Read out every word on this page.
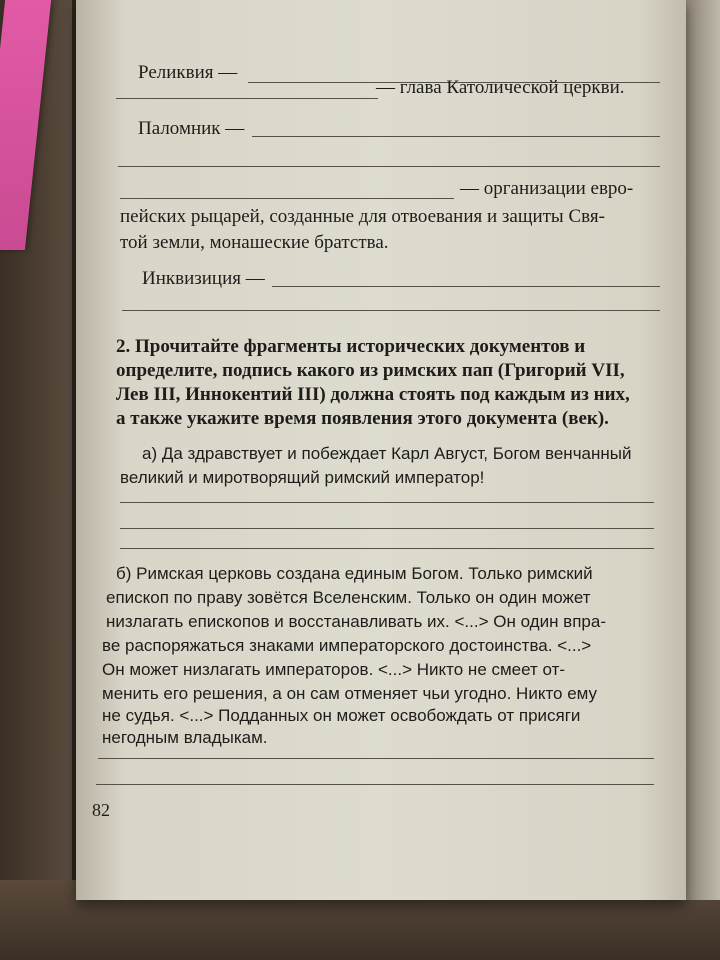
Реликвия —
— глава Католической церкви.
Паломник —
— организации евро-
пейских рыцарей, созданные для отвоевания и защиты Свя-
той земли, монашеские братства.
Инквизиция —
2. Прочитайте фрагменты исторических документов и
определите, подпись какого из римских пап (Григорий VII,
Лев III, Иннокентий III) должна стоять под каждым из них,
а также укажите время появления этого документа (век).
а) Да здравствует и побеждает Карл Август, Богом венчанный
великий и миротворящий римский император!
б) Римская церковь создана единым Богом. Только римский
епископ по праву зовётся Вселенским. Только он один может
низлагать епископов и восстанавливать их. <...> Он один впра-
ве распоряжаться знаками императорского достоинства. <...>
Он может низлагать императоров. <...> Никто не смеет от-
менить его решения, а он сам отменяет чьи угодно. Никто ему
не судья. <...> Подданных он может освобождать от присяги
негодным владыкам.
82
